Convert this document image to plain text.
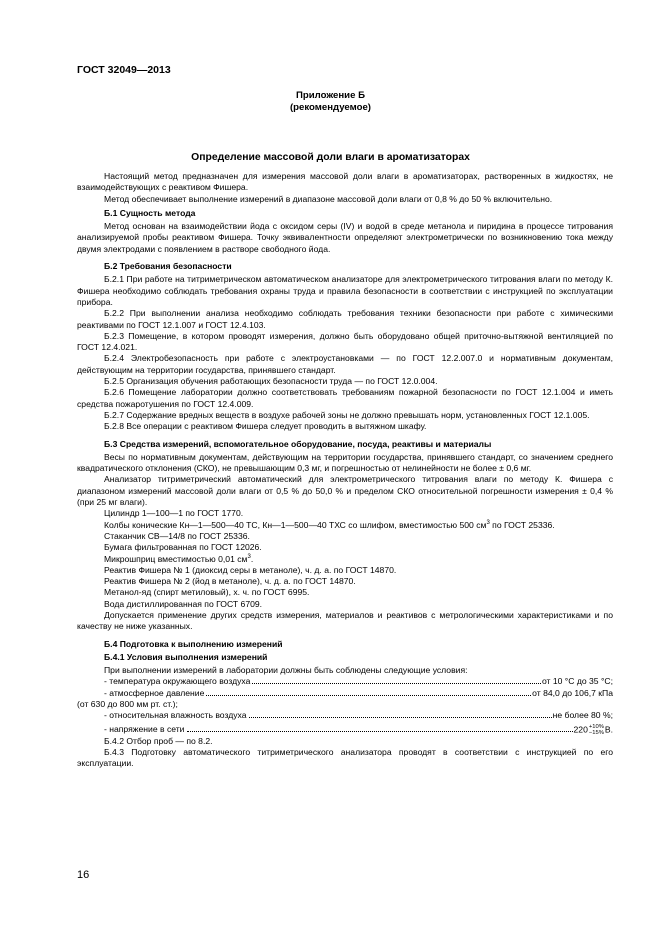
ГОСТ 32049—2013
Приложение Б
(рекомендуемое)
Определение массовой доли влаги в ароматизаторах

Настоящий метод предназначен для измерения массовой доли влаги в ароматизаторах, растворенных в жидкостях, не взаимодействующих с реактивом Фишера.

Метод обеспечивает выполнение измерений в диапазоне массовой доли влаги от 0,8 % до 50 % включительно.

Б.1 Сущность метода

Метод основан на взаимодействии йода с оксидом серы (IV) и водой в среде метанола и пиридина в процессе титрования анализируемой пробы реактивом Фишера. Точку эквивалентности определяют электрометрически по возникновению тока между двумя электродами с появлением в растворе свободного йода.

Б.2 Требования безопасности

Б.2.1 При работе на титриметрическом автоматическом анализаторе для электрометрического титрования влаги по методу К. Фишера необходимо соблюдать требования охраны труда и правила безопасности в соответствии с инструкцией по эксплуатации прибора.

Б.2.2 При выполнении анализа необходимо соблюдать требования техники безопасности при работе с химическими реактивами по ГОСТ 12.1.007 и ГОСТ 12.4.103.

Б.2.3 Помещение, в котором проводят измерения, должно быть оборудовано общей приточно-вытяжной вентиляцией по ГОСТ 12.4.021.

Б.2.4 Электробезопасность при работе с электроустановками — по ГОСТ 12.2.007.0 и нормативным документам, действующим на территории государства, принявшего стандарт.

Б.2.5 Организация обучения работающих безопасности труда — по ГОСТ 12.0.004.

Б.2.6 Помещение лаборатории должно соответствовать требованиям пожарной безопасности по ГОСТ 12.1.004 и иметь средства пожаротушения по ГОСТ 12.4.009.

Б.2.7 Содержание вредных веществ в воздухе рабочей зоны не должно превышать норм, установленных ГОСТ 12.1.005.

Б.2.8 Все операции с реактивом Фишера следует проводить в вытяжном шкафу.

Б.3 Средства измерений, вспомогательное оборудование, посуда, реактивы и материалы

Весы по нормативным документам, действующим на территории государства, принявшего стандарт, со значением среднего квадратического отклонения (СКО), не превышающим 0,3 мг, и погрешностью от нелинейности не более ± 0,6 мг.

Анализатор титриметрический автоматический для электрометрического титрования влаги по методу К. Фишера с диапазоном измерений массовой доли влаги от 0,5 % до 50,0 % и пределом СКО относительной погрешности измерения ± 0,4 % (при 25 мг влаги).

Цилиндр 1—100—1 по ГОСТ 1770.

Колбы конические Кн—1—500—40 ТС, Кн—1—500—40 ТХС со шлифом, вместимостью 500 $см^3$ по ГОСТ 25336.

Стаканчик СВ—14/8 по ГОСТ 25336.

Бумага фильтрованная по ГОСТ 12026.

Микрошприц вместимостью 0,01 $см^3$.

Реактив Фишера № 1 (диоксид серы в метаноле), ч. д. а. по ГОСТ 14870.

Реактив Фишера № 2 (йод в метаноле), ч. д. а. по ГОСТ 14870.

Метанол-яд (спирт метиловый), х. ч. по ГОСТ 6995.

Вода дистиллированная по ГОСТ 6709.

Допускается применение других средств измерения, материалов и реактивов с метрологическими характеристиками и по качеству не ниже указанных.

Б.4 Подготовка к выполнению измерений

Б.4.1 Условия выполнения измерений

При выполнении измерений в лаборатории должны быть соблюдены следующие условия:

- температура окружающего воздуха	от 10 °С до 35 °С;
- атмосферное давление	от 84,0 до 106,7 кПа

(от 630 до 800 мм рт. ст.);

- относительная влажность воздуха	не более 80 %;
- напряжение в сети	220 +10%
−15% В.

Б.4.2 Отбор проб — по 8.2.

Б.4.3 Подготовку автоматического титриметрического анализатора проводят в соответствии с инструкцией по его эксплуатации.

16
